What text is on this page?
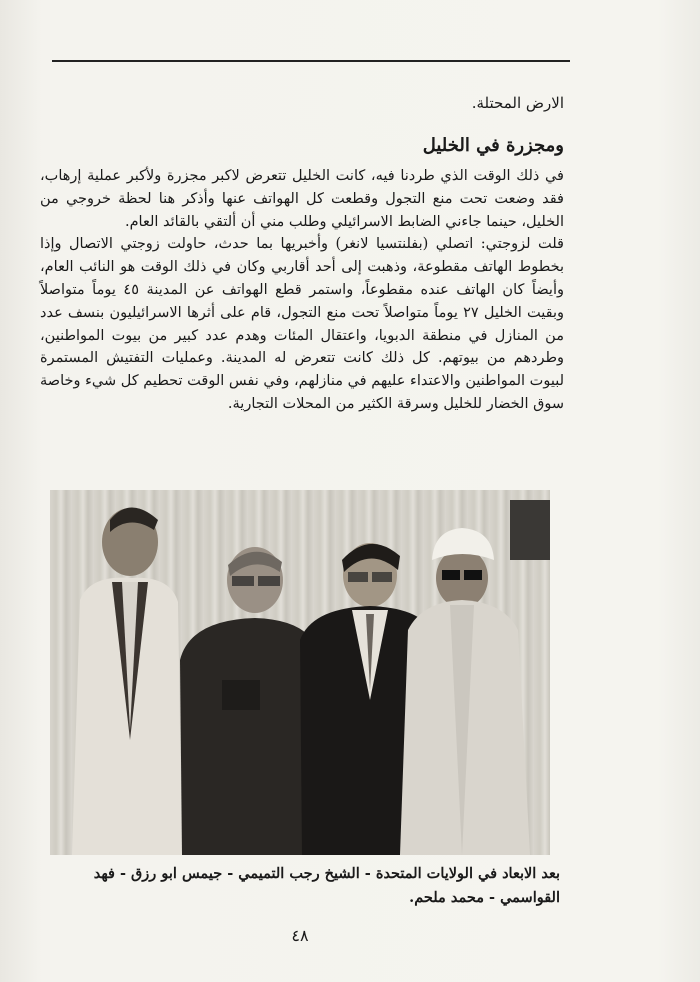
الارض المحتلة.
ومجزرة في الخليل

في ذلك الوقت الذي طردنا فيه، كانت الخليل تتعرض لاكبر مجزرة ولأكبر عملية إرهاب، فقد وضعت تحت منع التجول وقطعت كل الهواتف عنها وأذكر هنا لحظة خروجي من الخليل، حينما جاءني الضابط الاسرائيلي وطلب مني أن ألتقي بالقائد العام.

قلت لزوجتي: اتصلي (بفلنتسيا لانغر) وأخبريها بما حدث، حاولت زوجتي الاتصال وإذا بخطوط الهاتف مقطوعة، وذهبت إلى أحد أقاربي وكان في ذلك الوقت هو النائب العام، وأيضاً كان الهاتف عنده مقطوعاً، واستمر قطع الهواتف عن المدينة ٤٥ يوماً متواصلاً وبقيت الخليل ٢٧ يوماً متواصلاً تحت منع التجول، قام على أثرها الاسرائيليون بنسف عدد من المنازل في منطقة الدبويا، واعتقال المئات وهدم عدد كبير من بيوت المواطنين، وطردهم من بيوتهم. كل ذلك كانت تتعرض له المدينة. وعمليات التفتيش المستمرة لبيوت المواطنين والاعتداء عليهم في منازلهم، وفي نفس الوقت تحطيم كل شيء وخاصة سوق الخضار للخليل وسرقة الكثير من المحلات التجارية.

بعد الابعاد في الولايات المتحدة - الشيخ رجب التميمي - جيمس ابو رزق - فهد القواسمي - محمد ملحم.
٤٨
